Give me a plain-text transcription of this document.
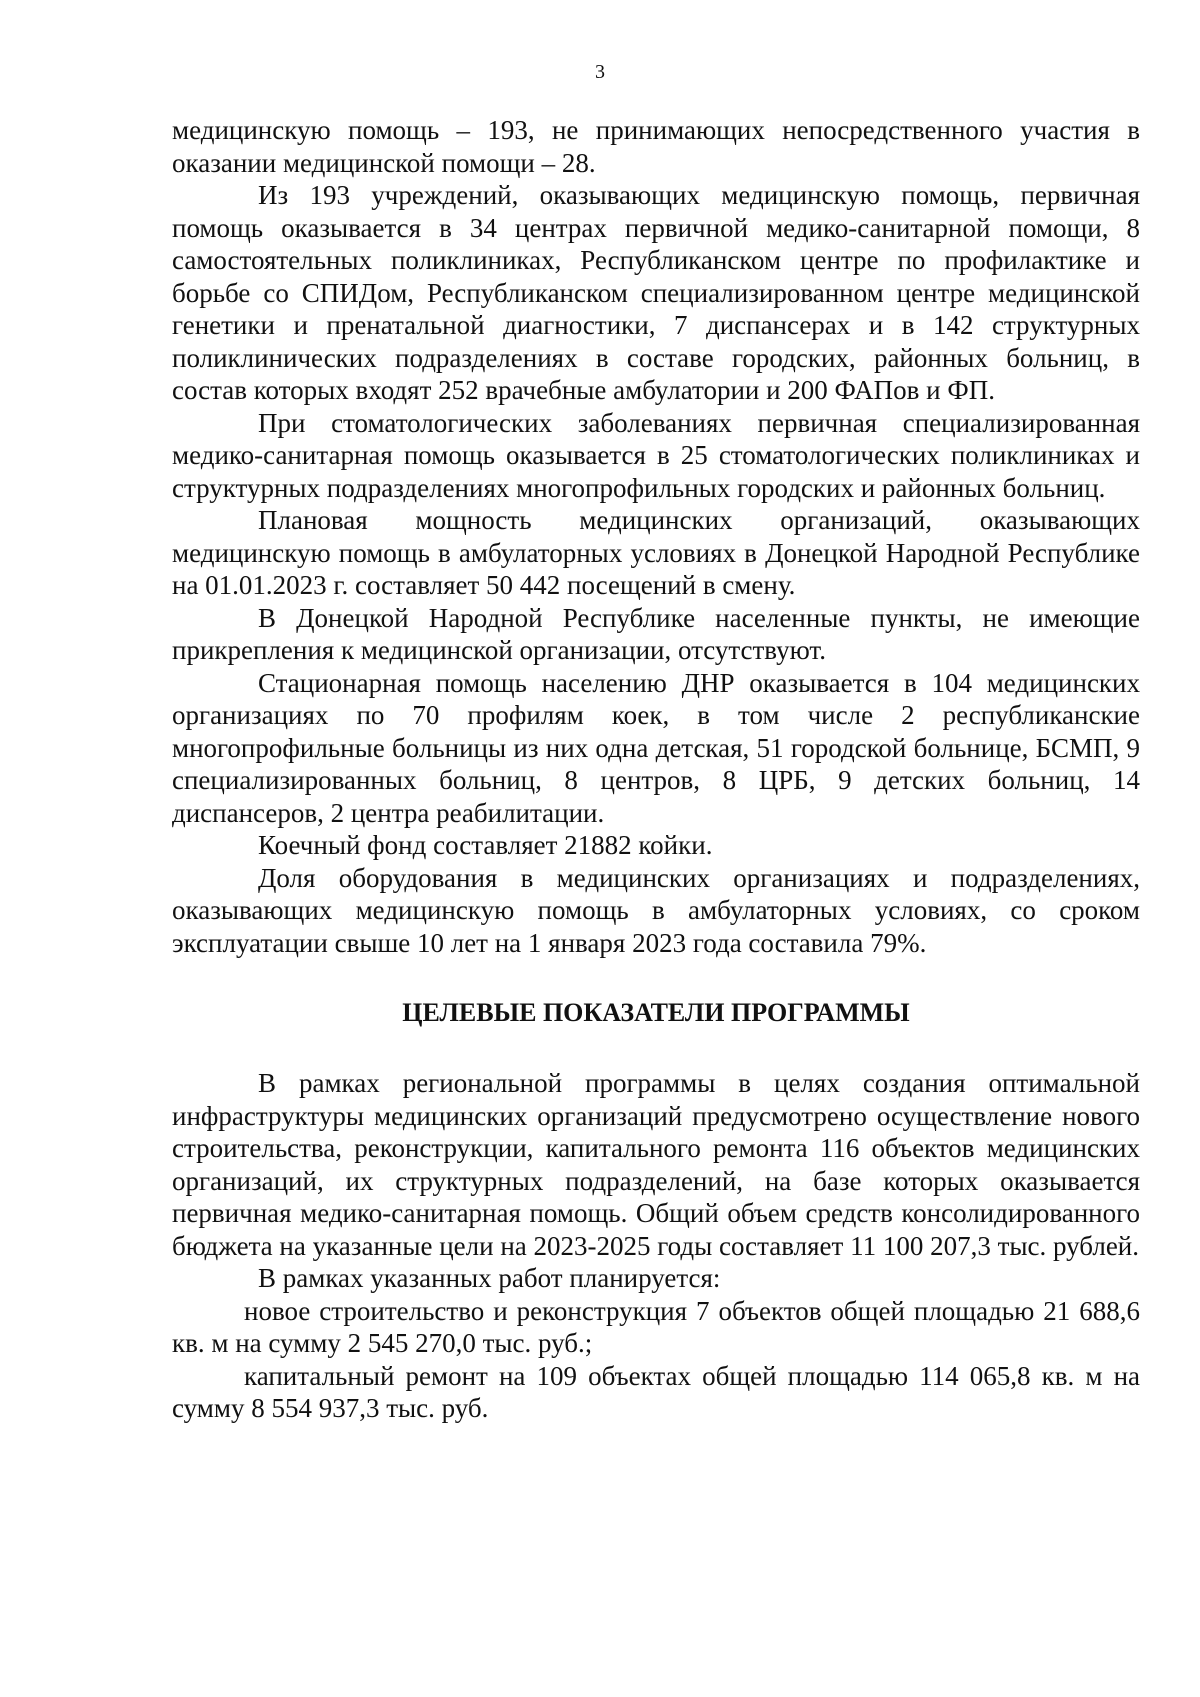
3

медицинскую помощь – 193, не принимающих непосредственного участия в оказании медицинской помощи – 28.

Из 193 учреждений, оказывающих медицинскую помощь, первичная помощь оказывается в 34 центрах первичной медико-санитарной помощи, 8 самостоятельных поликлиниках, Республиканском центре по профилактике и борьбе со СПИДом, Республиканском специализированном центре медицинской генетики и пренатальной диагностики, 7 диспансерах и в 142 структурных поликлинических подразделениях в составе городских, районных больниц, в состав которых входят 252 врачебные амбулатории и 200 ФАПов и ФП.

При стоматологических заболеваниях первичная специализированная медико-санитарная помощь оказывается в 25 стоматологических поликлиниках и структурных подразделениях многопрофильных городских и районных больниц.

Плановая мощность медицинских организаций, оказывающих медицинскую помощь в амбулаторных условиях в Донецкой Народной Республике на 01.01.2023 г. составляет 50 442 посещений в смену.

В Донецкой Народной Республике населенные пункты, не имеющие прикрепления к медицинской организации, отсутствуют.

Стационарная помощь населению ДНР оказывается в 104 медицинских организациях по 70 профилям коек, в том числе 2 республиканские многопрофильные больницы из них одна детская, 51 городской больнице, БСМП, 9 специализированных больниц, 8 центров, 8 ЦРБ, 9 детских больниц, 14 диспансеров, 2 центра реабилитации.

Коечный фонд составляет 21882 койки.

Доля оборудования в медицинских организациях и подразделениях, оказывающих медицинскую помощь в амбулаторных условиях, со сроком эксплуатации свыше 10 лет на 1 января 2023 года составила 79%.

ЦЕЛЕВЫЕ ПОКАЗАТЕЛИ ПРОГРАММЫ

В рамках региональной программы в целях создания оптимальной инфраструктуры медицинских организаций предусмотрено осуществление нового строительства, реконструкции, капитального ремонта 116 объектов медицинских организаций, их структурных подразделений, на базе которых оказывается первичная медико-санитарная помощь. Общий объем средств консолидированного бюджета на указанные цели на 2023-2025 годы составляет 11 100 207,3 тыс. рублей.

В рамках указанных работ планируется:

новое строительство и реконструкция 7 объектов общей площадью 21 688,6 кв. м на сумму 2 545 270,0 тыс. руб.;

капитальный ремонт на 109 объектах общей площадью 114 065,8 кв. м на сумму 8 554 937,3 тыс. руб.
